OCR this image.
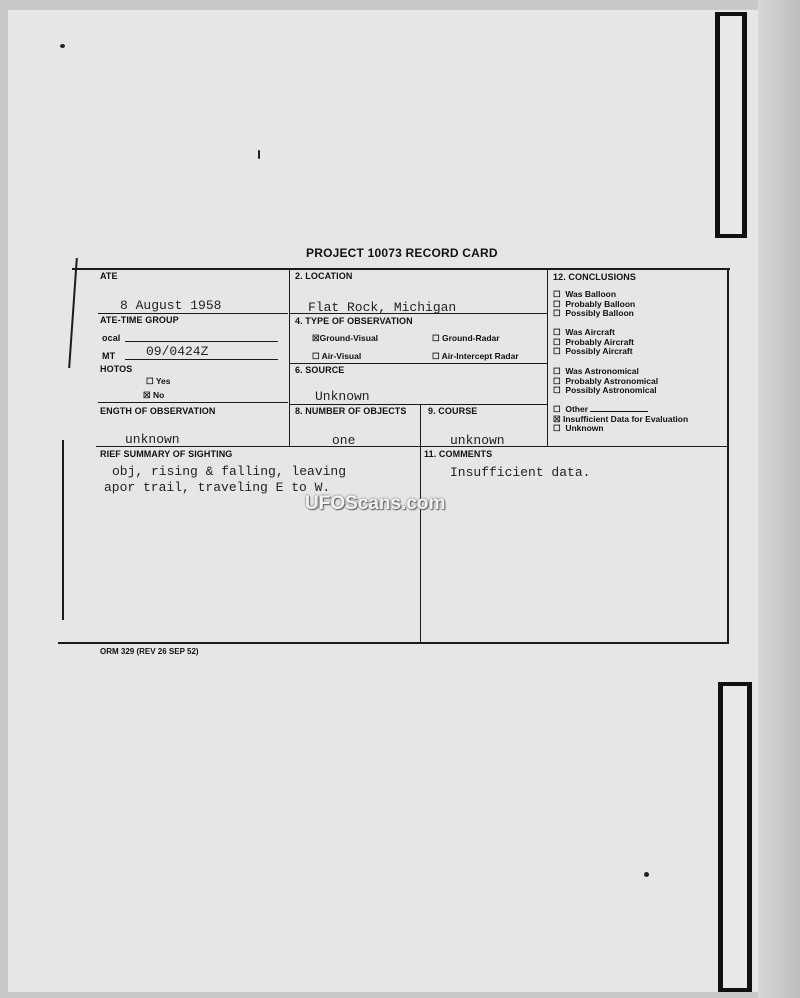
PROJECT 10073 RECORD CARD
ATE
8 August 1958
2. LOCATION
Flat Rock, Michigan
ATE-TIME GROUP
ocal
MT 09/0424Z
4. TYPE OF OBSERVATION
☒Ground-Visual	☐ Ground-Radar
☐ Air-Visual	☐ Air-Intercept Radar
HOTOS
☐ Yes
☒ No
6. SOURCE
Unknown
ENGTH OF OBSERVATION
unknown
8. NUMBER OF OBJECTS
one
9. COURSE
unknown
RIEF SUMMARY OF SIGHTING
obj, rising & falling, leaving
apor trail, traveling E to W.
11. COMMENTS
Insufficient data.
12. CONCLUSIONS
☐  Was Balloon
☐  Probably Balloon
☐  Possibly Balloon
☐  Was Aircraft
☐  Probably Aircraft
☐  Possibly Aircraft
☐  Was Astronomical
☐  Probably Astronomical
☐  Possibly Astronomical
☐  Other
☒ Insufficient Data for Evaluation
☐  Unknown
UFOScans.com
ORM 329 (REV 26 SEP 52)
